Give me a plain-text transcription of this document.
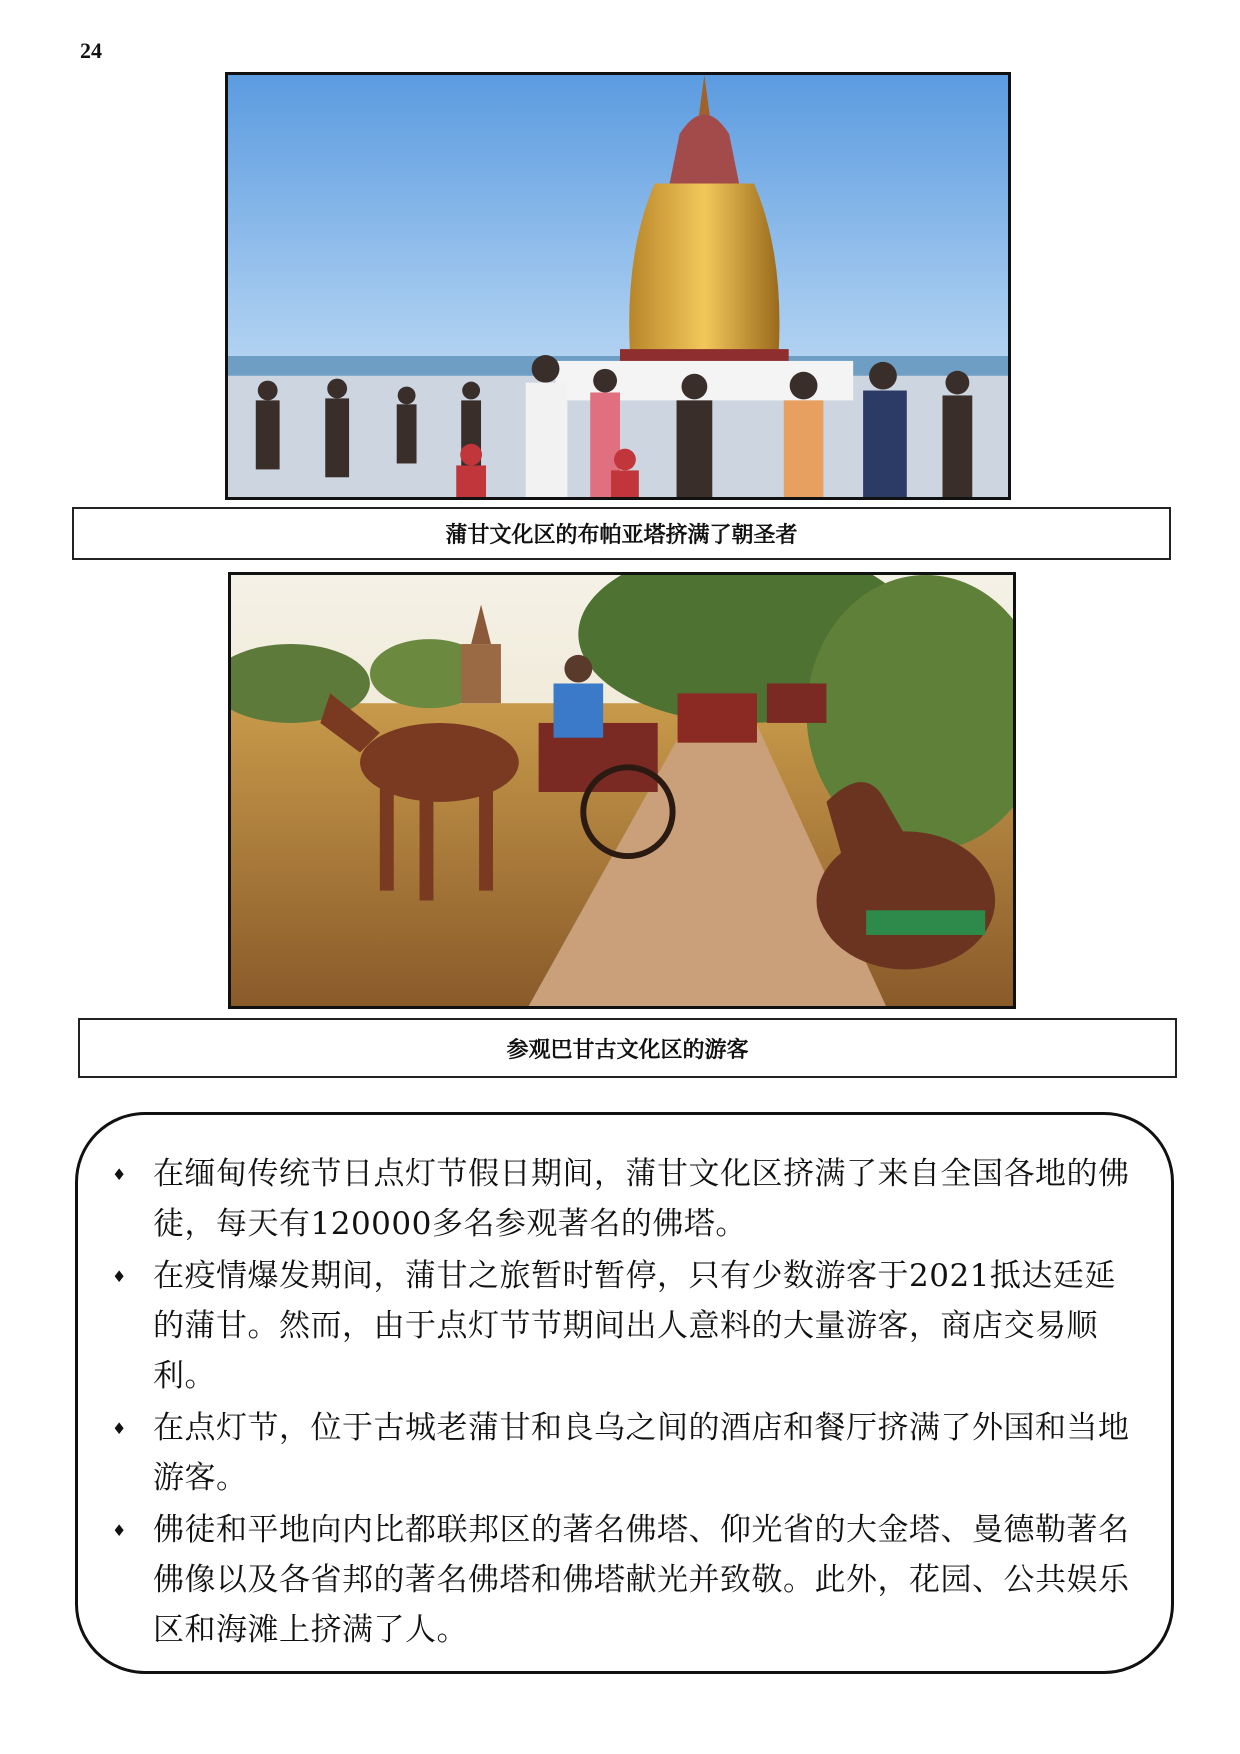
24
蒲甘文化区的布帕亚塔挤满了朝圣者
参观巴甘古文化区的游客
♦ 在缅甸传统节日点灯节假日期间，蒲甘文化区挤满了来自全国各地的佛徒，每天有120000多名参观著名的佛塔。
♦ 在疫情爆发期间，蒲甘之旅暂时暂停，只有少数游客于2021抵达廷延的蒲甘。然而，由于点灯节节期间出人意料的大量游客，商店交易顺利。
♦ 在点灯节，位于古城老蒲甘和良乌之间的酒店和餐厅挤满了外国和当地游客。
♦ 佛徒和平地向内比都联邦区的著名佛塔、仰光省的大金塔、曼德勒著名佛像以及各省邦的著名佛塔和佛塔献光并致敬。此外，花园、公共娱乐区和海滩上挤满了人。
